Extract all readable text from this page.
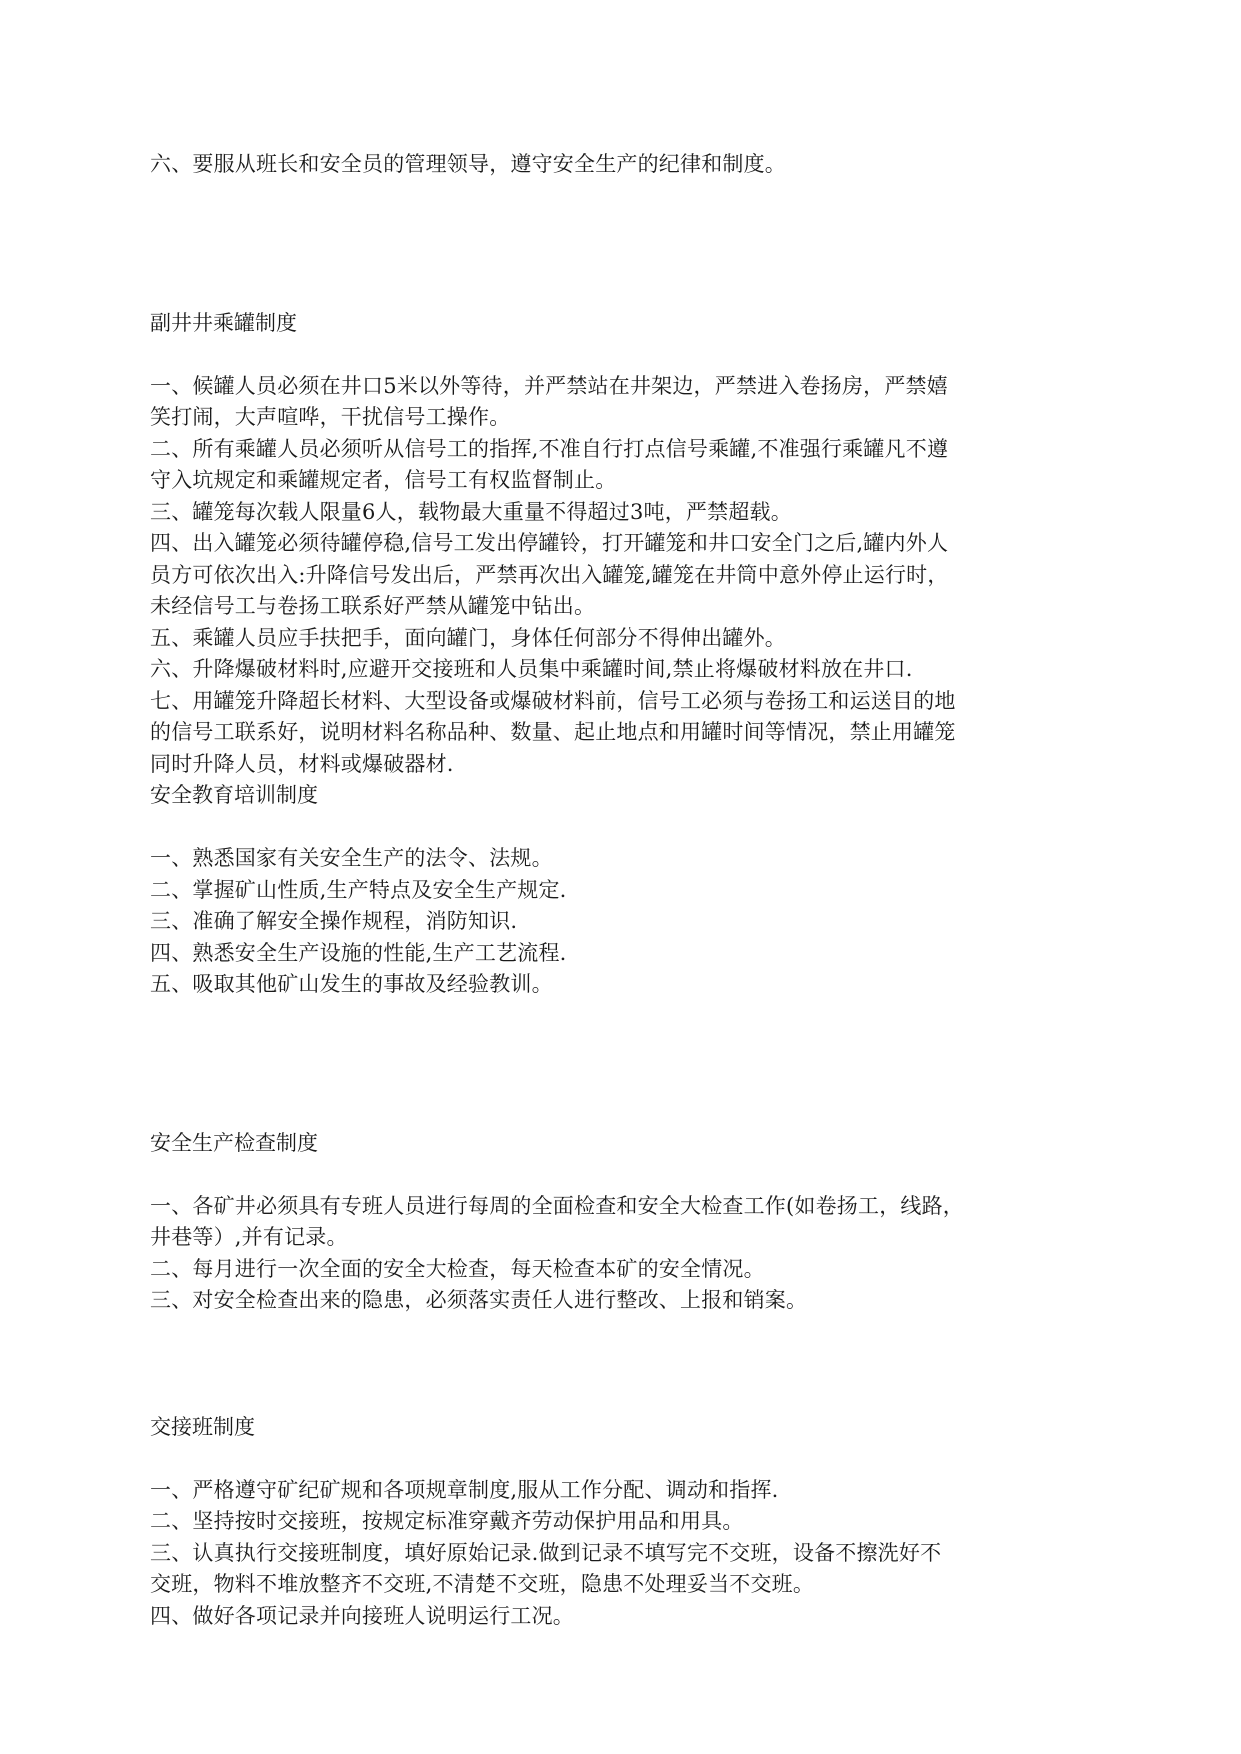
六、要服从班长和安全员的管理领导，遵守安全生产的纪律和制度。
副井井乘罐制度
一、候罐人员必须在井口5米以外等待，并严禁站在井架边，严禁进入卷扬房，严禁嬉
笑打闹，大声喧哗，干扰信号工操作。
二、所有乘罐人员必须听从信号工的指挥,不准自行打点信号乘罐,不准强行乘罐凡不遵
守入坑规定和乘罐规定者，信号工有权监督制止。
三、罐笼每次载人限量6人，载物最大重量不得超过3吨，严禁超载。
四、出入罐笼必须待罐停稳,信号工发出停罐铃，打开罐笼和井口安全门之后,罐内外人
员方可依次出入:升降信号发出后，严禁再次出入罐笼,罐笼在井筒中意外停止运行时，
未经信号工与卷扬工联系好严禁从罐笼中钻出。
五、乘罐人员应手扶把手，面向罐门，身体任何部分不得伸出罐外。
六、升降爆破材料时,应避开交接班和人员集中乘罐时间,禁止将爆破材料放在井口.
七、用罐笼升降超长材料、大型设备或爆破材料前，信号工必须与卷扬工和运送目的地
的信号工联系好，说明材料名称品种、数量、起止地点和用罐时间等情况，禁止用罐笼
同时升降人员，材料或爆破器材.
安全教育培训制度
一、熟悉国家有关安全生产的法令、法规。
二、掌握矿山性质,生产特点及安全生产规定.
三、准确了解安全操作规程，消防知识.
四、熟悉安全生产设施的性能,生产工艺流程.
五、吸取其他矿山发生的事故及经验教训。
安全生产检查制度
一、各矿井必须具有专班人员进行每周的全面检查和安全大检查工作(如卷扬工，线路，
井巷等）,并有记录。
二、每月进行一次全面的安全大检查，每天检查本矿的安全情况。
三、对安全检查出来的隐患，必须落实责任人进行整改、上报和销案。
交接班制度
一、严格遵守矿纪矿规和各项规章制度,服从工作分配、调动和指挥.
二、坚持按时交接班，按规定标准穿戴齐劳动保护用品和用具。
三、认真执行交接班制度，填好原始记录.做到记录不填写完不交班，设备不擦洗好不
交班，物料不堆放整齐不交班,不清楚不交班，隐患不处理妥当不交班。
四、做好各项记录并向接班人说明运行工况。
